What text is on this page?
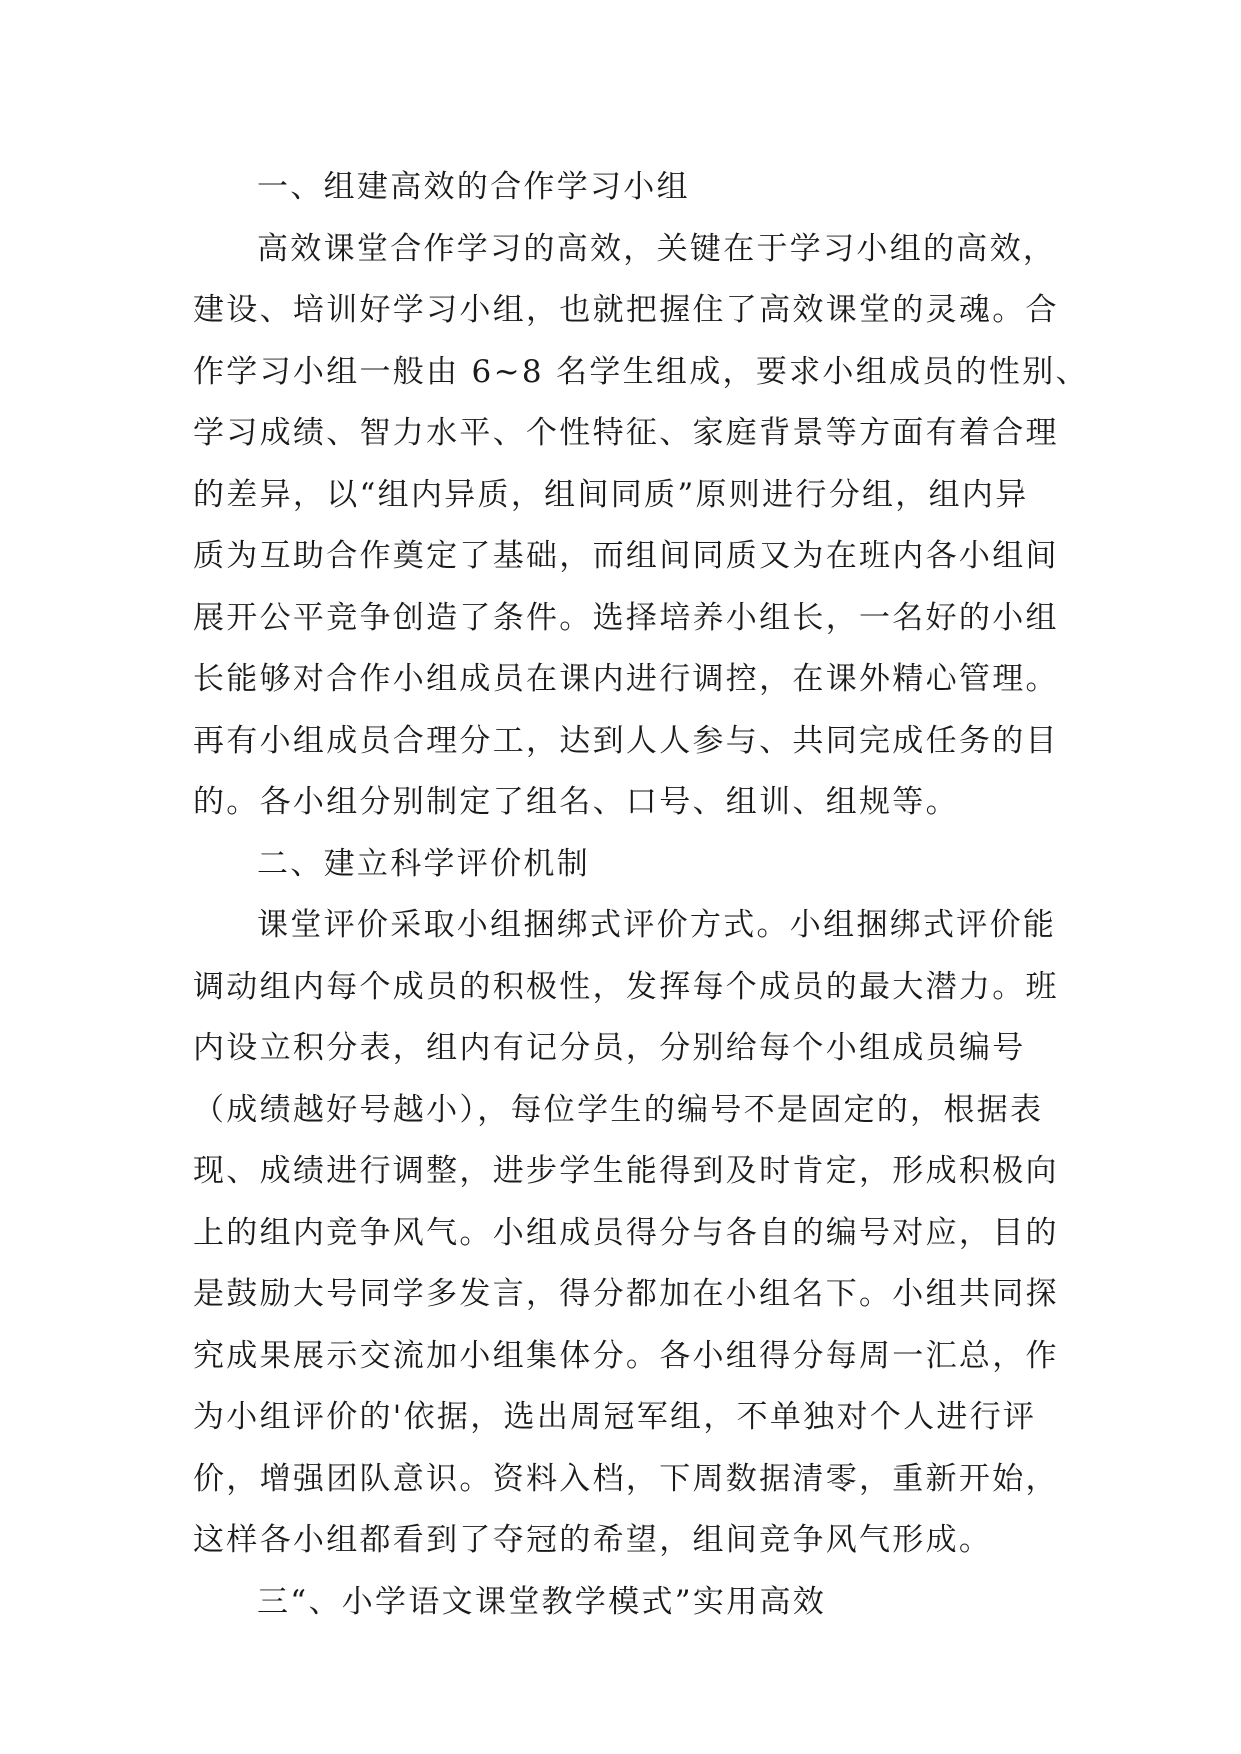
一、组建高效的合作学习小组
高效课堂合作学习的高效，关键在于学习小组的高效，
建设、培训好学习小组，也就把握住了高效课堂的灵魂。合
作学习小组一般由 6~8 名学生组成，要求小组成员的性别、
学习成绩、智力水平、个性特征、家庭背景等方面有着合理
的差异，以“组内异质，组间同质”原则进行分组，组内异
质为互助合作奠定了基础，而组间同质又为在班内各小组间
展开公平竞争创造了条件。选择培养小组长，一名好的小组
长能够对合作小组成员在课内进行调控，在课外精心管理。
再有小组成员合理分工，达到人人参与、共同完成任务的目
的。各小组分别制定了组名、口号、组训、组规等。
二、建立科学评价机制
课堂评价采取小组捆绑式评价方式。小组捆绑式评价能
调动组内每个成员的积极性，发挥每个成员的最大潜力。班
内设立积分表，组内有记分员，分别给每个小组成员编号
（成绩越好号越小），每位学生的编号不是固定的，根据表
现、成绩进行调整，进步学生能得到及时肯定，形成积极向
上的组内竞争风气。小组成员得分与各自的编号对应，目的
是鼓励大号同学多发言，得分都加在小组名下。小组共同探
究成果展示交流加小组集体分。各小组得分每周一汇总，作
为小组评价的'依据，选出周冠军组，不单独对个人进行评
价，增强团队意识。资料入档，下周数据清零，重新开始，
这样各小组都看到了夺冠的希望，组间竞争风气形成。
三“、小学语文课堂教学模式”实用高效
